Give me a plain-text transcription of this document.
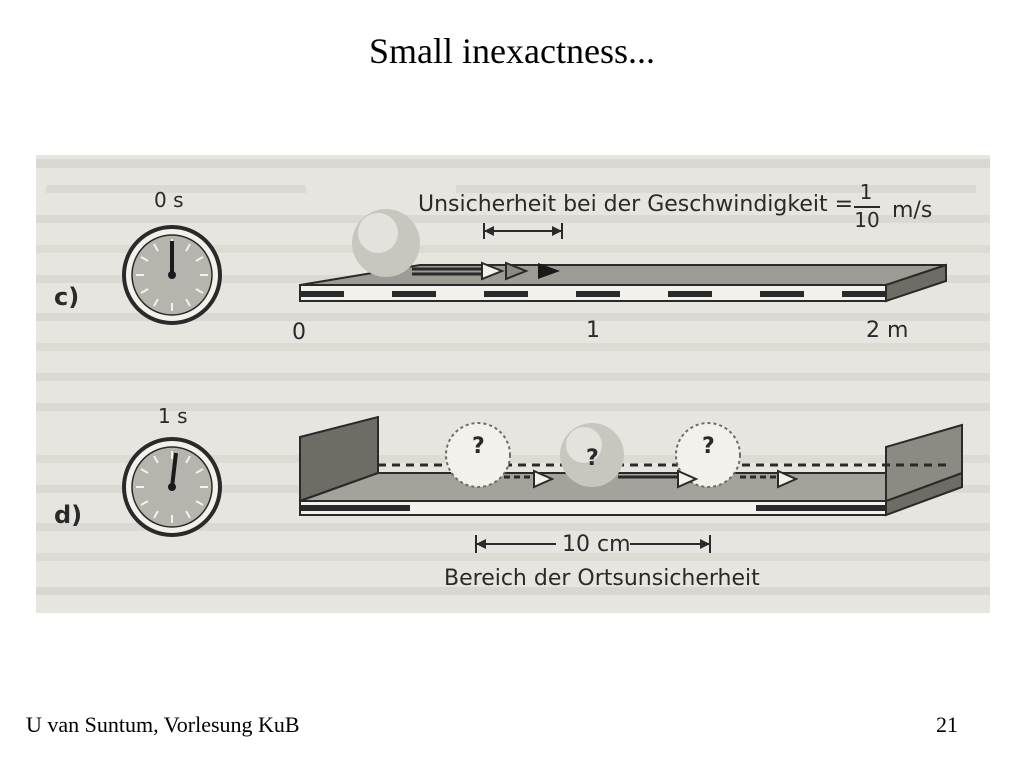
Small inexactness...
c)
0 s	Unsicherheit bei der Geschwindigkeit = 1
10 m/s
0	1	2 m
d)
1 s
?	?	?
10 cm
Bereich der Ortsunsicherheit
U van Suntum, Vorlesung KuB	21
